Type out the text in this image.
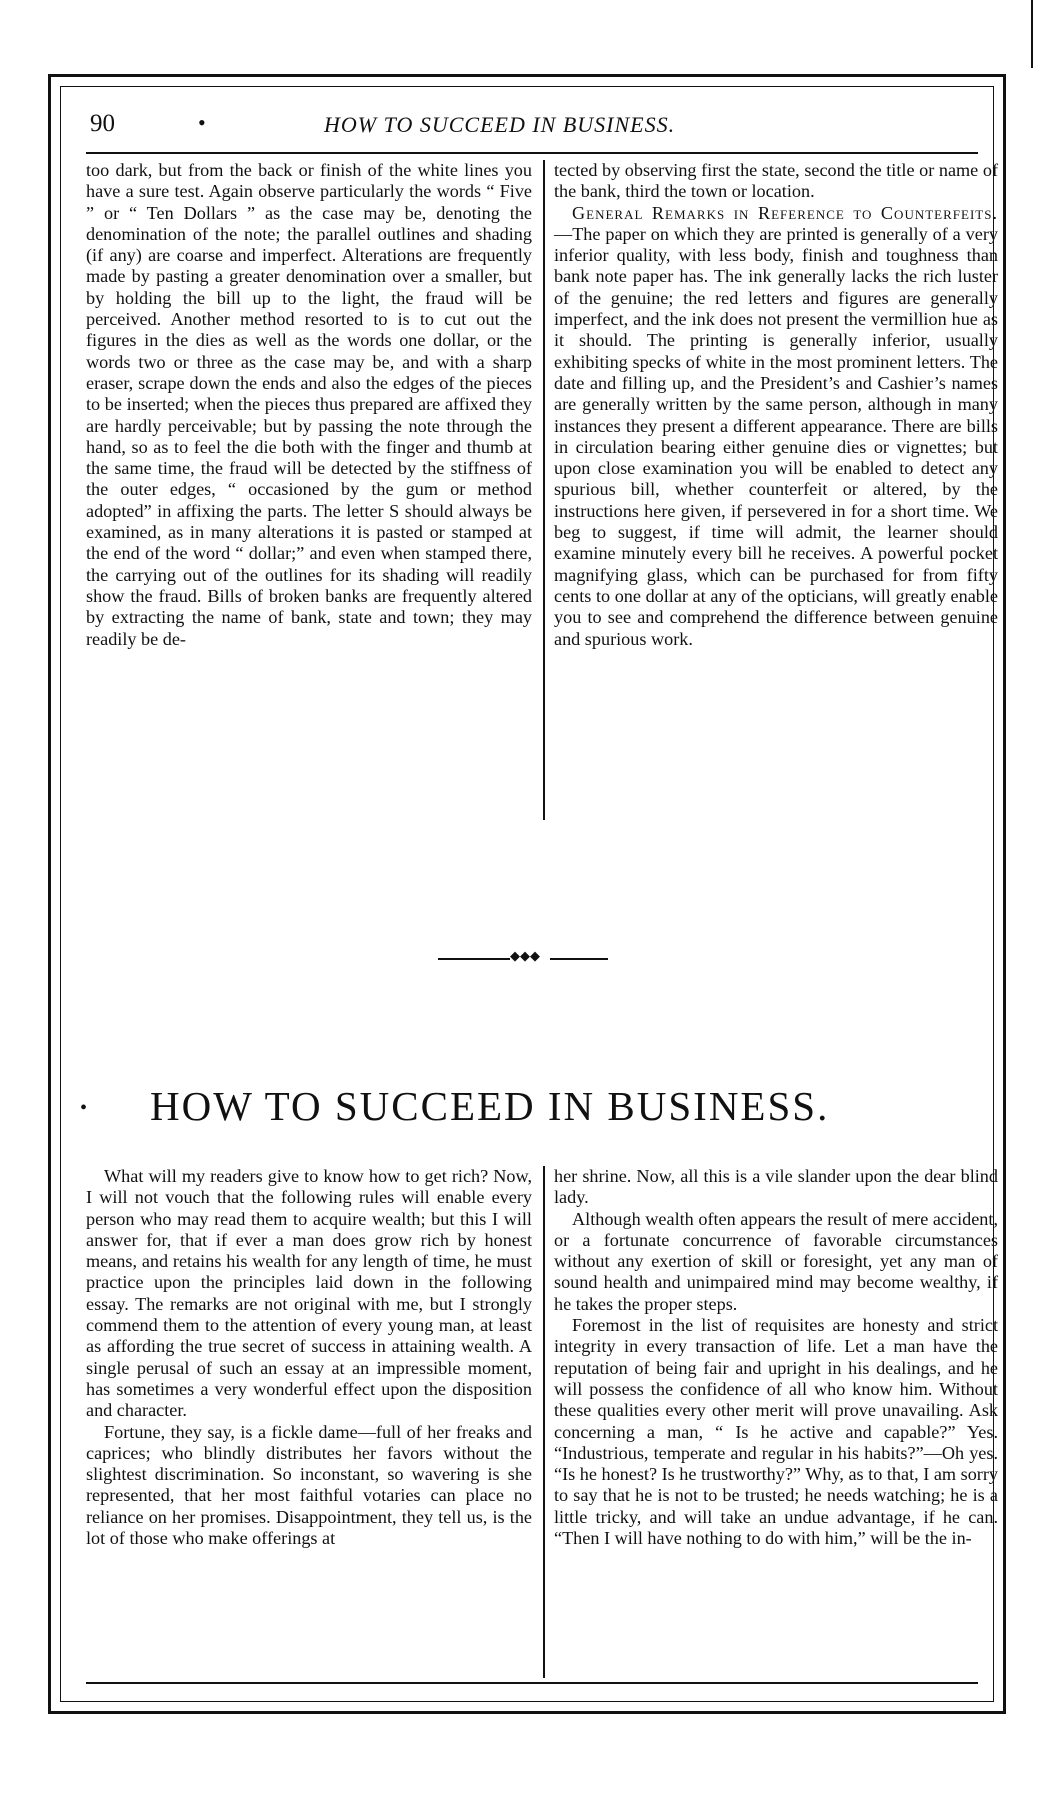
90	•	HOW TO SUCCEED IN BUSINESS.

too dark, but from the back or finish of the white lines you have a sure test. Again observe particularly the words “ Five ” or “ Ten Dollars ” as the case may be, denoting the denomination of the note; the parallel outlines and shading (if any) are coarse and imperfect. Alterations are frequently made by pasting a greater denomination over a smaller, but by holding the bill up to the light, the fraud will be perceived. Another method resorted to is to cut out the figures in the dies as well as the words one dollar, or the words two or three as the case may be, and with a sharp eraser, scrape down the ends and also the edges of the pieces to be inserted; when the pieces thus prepared are affixed they are hardly perceivable; but by passing the note through the hand, so as to feel the die both with the finger and thumb at the same time, the fraud will be detected by the stiffness of the outer edges, “ occasioned by the gum or method adopted” in affixing the parts. The letter S should always be examined, as in many alterations it is pasted or stamped at the end of the word “ dollar;” and even when stamped there, the carrying out of the outlines for its shading will readily show the fraud. Bills of broken banks are frequently altered by extracting the name of bank, state and town; they may readily be de-

tected by observing first the state, second the title or name of the bank, third the town or location.

General Remarks in Reference to Counterfeits.—The paper on which they are printed is generally of a very inferior quality, with less body, finish and toughness than bank note paper has. The ink generally lacks the rich luster of the genuine; the red letters and figures are generally imperfect, and the ink does not present the vermillion hue as it should. The printing is generally inferior, usually exhibiting specks of white in the most prominent letters. The date and filling up, and the President’s and Cashier’s names are generally written by the same person, although in many instances they present a different appearance. There are bills in circulation bearing either genuine dies or vignettes; but upon close examination you will be enabled to detect any spurious bill, whether counterfeit or altered, by the instructions here given, if persevered in for a short time. We beg to suggest, if time will admit, the learner should examine minutely every bill he receives. A powerful pocket magnifying glass, which can be purchased for from fifty cents to one dollar at any of the opticians, will greatly enable you to see and comprehend the difference between genuine and spurious work.

◆◆◆
• HOW TO SUCCEED IN BUSINESS.

What will my readers give to know how to get rich? Now, I will not vouch that the following rules will enable every person who may read them to acquire wealth; but this I will answer for, that if ever a man does grow rich by honest means, and retains his wealth for any length of time, he must practice upon the principles laid down in the following essay. The remarks are not original with me, but I strongly commend them to the attention of every young man, at least as affording the true secret of success in attaining wealth. A single perusal of such an essay at an impressible moment, has sometimes a very wonderful effect upon the disposition and character.

Fortune, they say, is a fickle dame—full of her freaks and caprices; who blindly distributes her favors without the slightest discrimination. So inconstant, so wavering is she represented, that her most faithful votaries can place no reliance on her promises. Disappointment, they tell us, is the lot of those who make offerings at

her shrine. Now, all this is a vile slander upon the dear blind lady.

Although wealth often appears the result of mere accident, or a fortunate concurrence of favorable circumstances without any exertion of skill or foresight, yet any man of sound health and unimpaired mind may become wealthy, if he takes the proper steps.

Foremost in the list of requisites are honesty and strict integrity in every transaction of life. Let a man have the reputation of being fair and upright in his dealings, and he will possess the confidence of all who know him. Without these qualities every other merit will prove unavailing. Ask concerning a man, “ Is he active and capable?” Yes. “Industrious, temperate and regular in his habits?”—Oh yes. “Is he honest? Is he trustworthy?” Why, as to that, I am sorry to say that he is not to be trusted; he needs watching; he is a little tricky, and will take an undue advantage, if he can. “Then I will have nothing to do with him,” will be the in-
